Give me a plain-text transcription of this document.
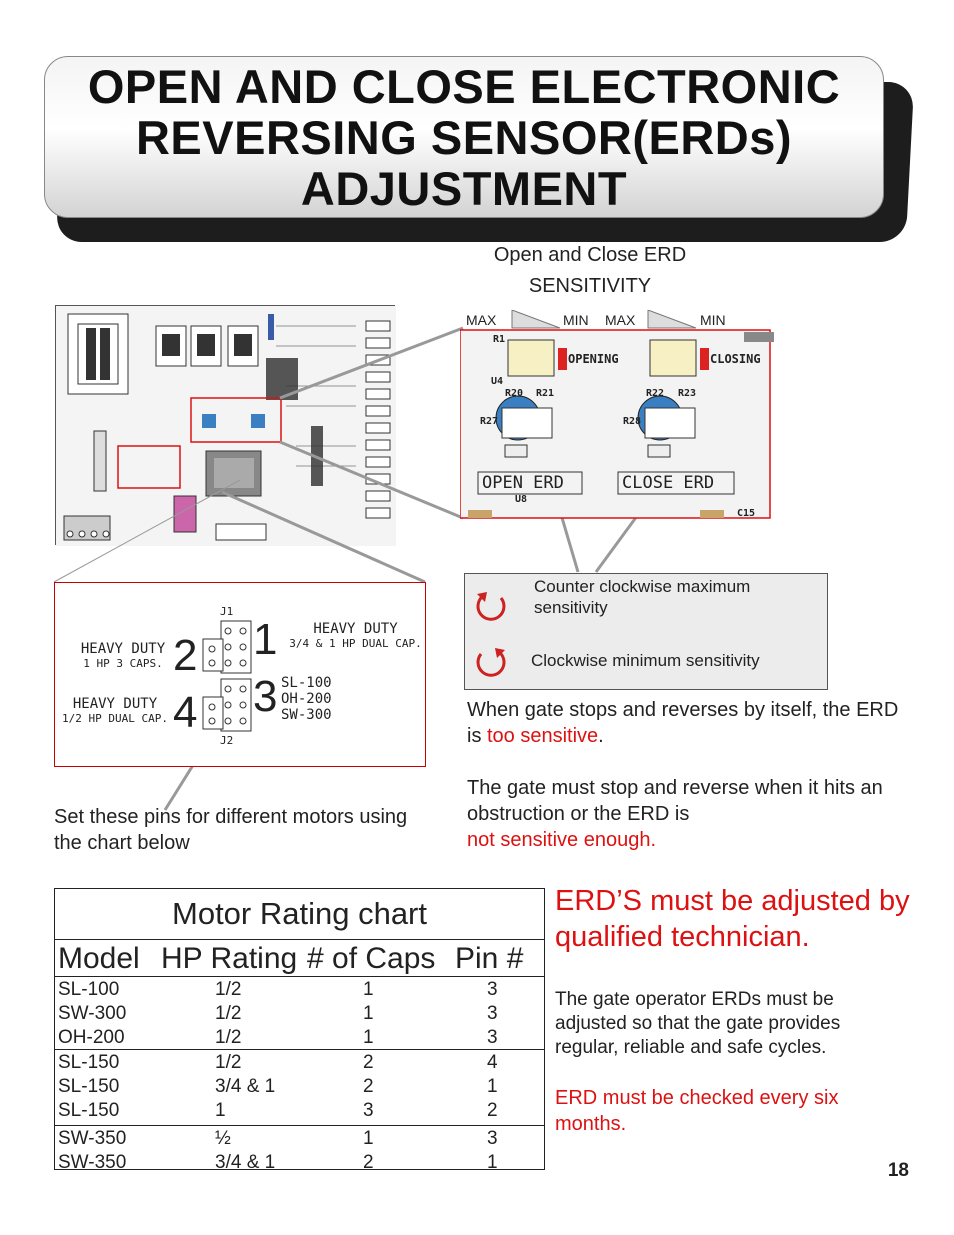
OPEN AND CLOSE ELECTRONIC
REVERSING SENSOR(ERDs)
ADJUSTMENT
Open and Close ERD
SENSITIVITY
MAX	MIN MAX	MIN
R1
U4
OPENING	CLOSING
R20 R21
R27
R22 R23
R28
OPEN ERD	CLOSE ERD
U8
C15
Counter clockwise maximum sensitivity
Clockwise minimum sensitivity
J1
2 1
4 3
HEAVY DUTY
1 HP 3 CAPS.
HEAVY DUTY
3/4 & 1 HP DUAL CAP.
HEAVY DUTY
1/2 HP DUAL CAP.
SL-100
OH-200
SW-300
J2
Set these pins for different motors using the chart below
When gate stops and reverses by itself, the ERD is too sensitive.
The gate must stop and reverse when it hits an obstruction or the ERD is
not sensitive enough.
Motor Rating chart
Model HP Rating # of Caps Pin #
SL-100	1/2	1	3
SW-300	1/2	1	3
OH-200	1/2	1	3
SL-150	1/2	2	4
SL-150	3/4 & 1	2	1
SL-150	1	3	2
SW-350	½	1	3
SW-350	3/4 & 1	2	1
ERD’S must be adjusted by qualified technician.
The gate operator ERDs must be adjusted so that the gate provides regular, reliable and safe cycles.
ERD must be checked every six months.
18
